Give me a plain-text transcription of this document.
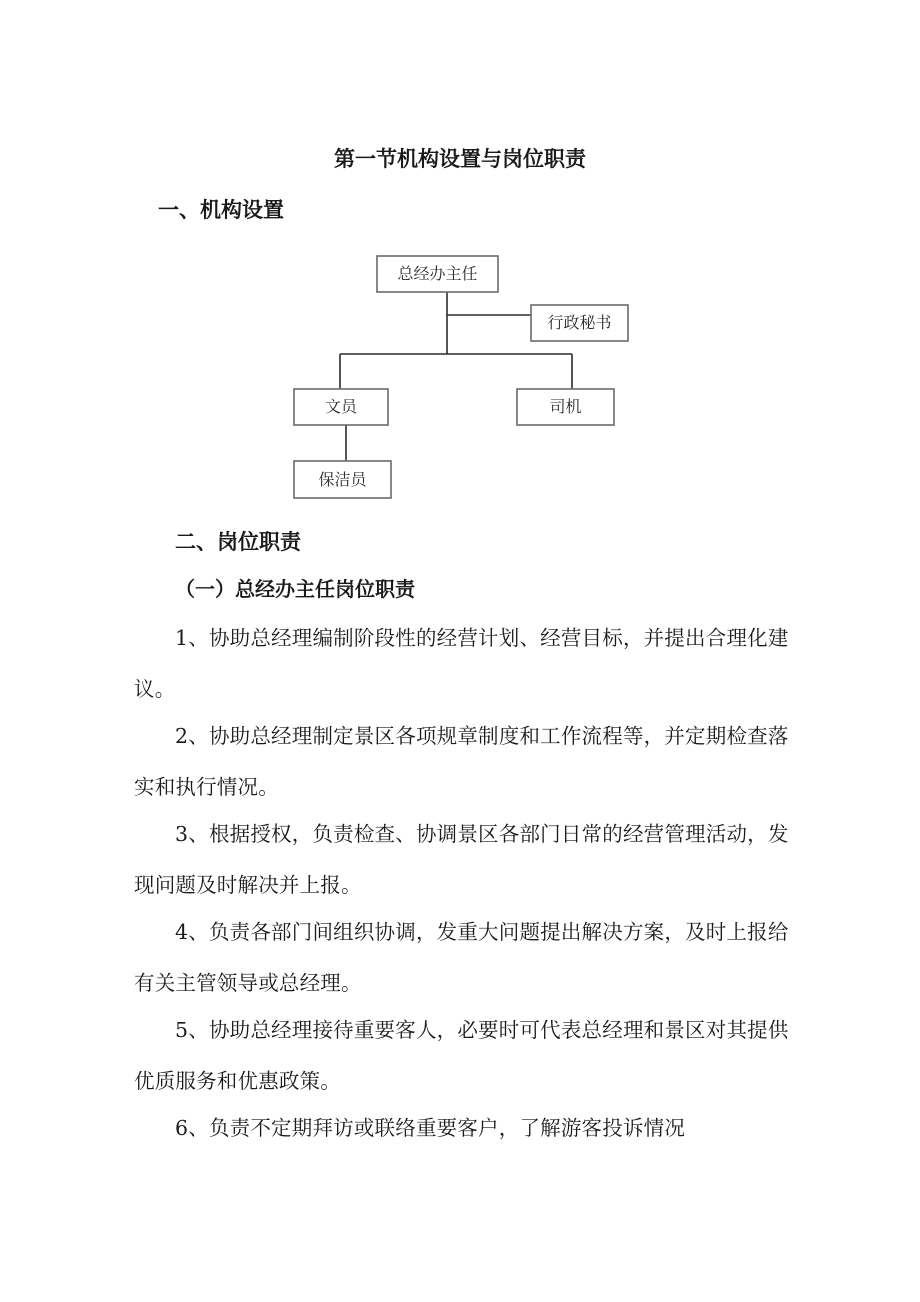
第一节机构设置与岗位职责
一、机构设置
总经办主任
行政秘书
文员	司机
保洁员
二、岗位职责
（一）总经办主任岗位职责

1、协助总经理编制阶段性的经营计划、经营目标，并提出合理化建议。

2、协助总经理制定景区各项规章制度和工作流程等，并定期检查落实和执行情况。

3、根据授权，负责检查、协调景区各部门日常的经营管理活动，发现问题及时解决并上报。

4、负责各部门间组织协调，发重大问题提出解决方案，及时上报给有关主管领导或总经理。

5、协助总经理接待重要客人，必要时可代表总经理和景区对其提供优质服务和优惠政策。

6、负责不定期拜访或联络重要客户，了解游客投诉情况
